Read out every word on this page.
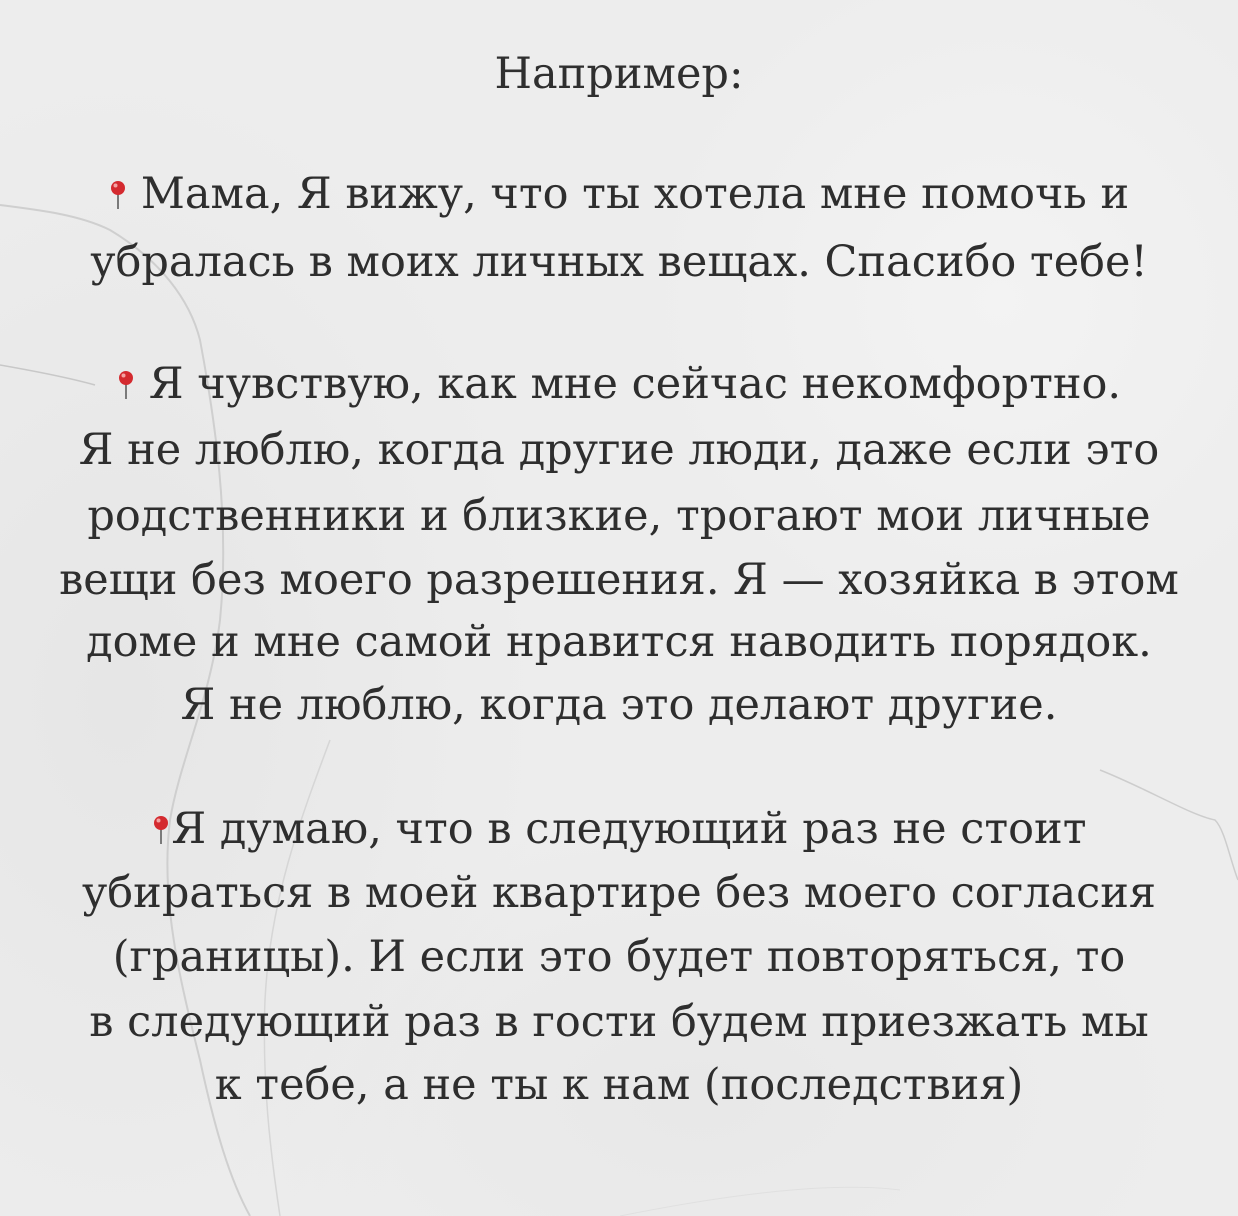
Например:
Мама, Я вижу, что ты хотела мне помочь и
убралась в моих личных вещах. Спасибо тебе!
Я чувствую, как мне сейчас некомфортно.
Я не люблю, когда другие люди, даже если это
родственники и близкие, трогают мои личные
вещи без моего разрешения. Я — хозяйка в этом
доме и мне самой нравится наводить порядок.
Я не люблю, когда это делают другие.
Я думаю, что в следующий раз не стоит
убираться в моей квартире без моего согласия
(границы). И если это будет повторяться, то
в следующий раз в гости будем приезжать мы
к тебе, а не ты к нам (последствия)
